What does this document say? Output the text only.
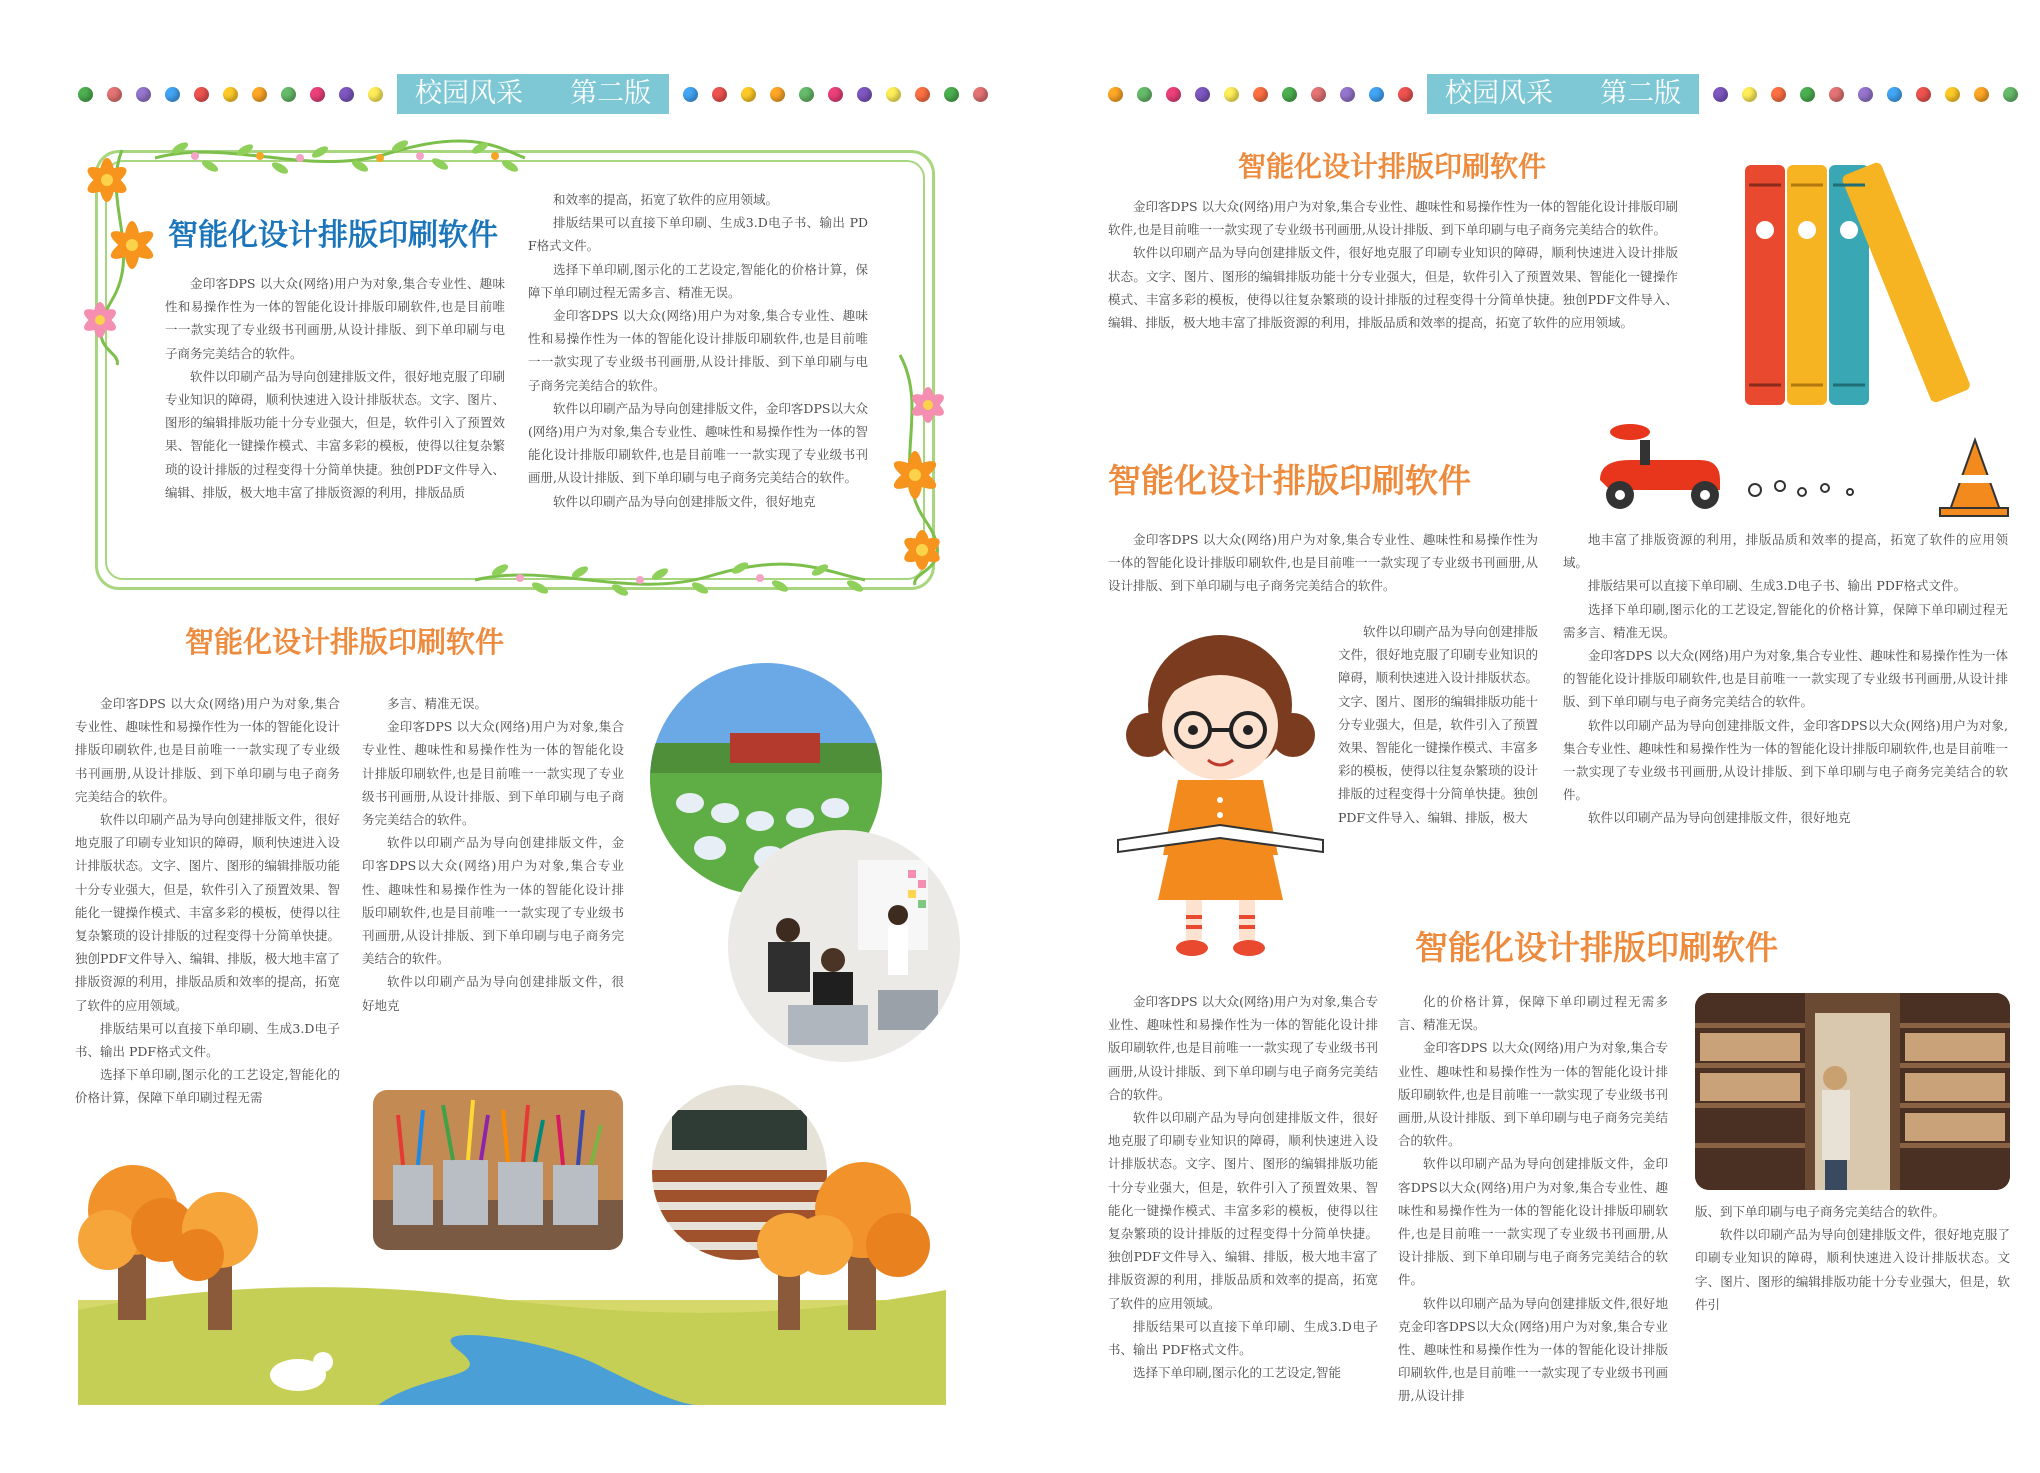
校园风采 第二版
智能化设计排版印刷软件

金印客DPS 以大众(网络)用户为对象,集合专业性、趣味性和易操作性为一体的智能化设计排版印刷软件,也是目前唯一一款实现了专业级书刊画册,从设计排版、到下单印刷与电子商务完美结合的软件。

软件以印刷产品为导向创建排版文件，很好地克服了印刷专业知识的障碍，顺利快速进入设计排版状态。文字、图片、图形的编辑排版功能十分专业强大，但是，软件引入了预置效果、智能化一键操作模式、丰富多彩的模板，使得以往复杂繁琐的设计排版的过程变得十分简单快捷。独创PDF文件导入、编辑、排版，极大地丰富了排版资源的利用，排版品质

和效率的提高，拓宽了软件的应用领域。

排版结果可以直接下单印刷、生成3.D电子书、输出 PDF格式文件。

选择下单印刷,图示化的工艺设定,智能化的价格计算，保障下单印刷过程无需多言、精准无误。

金印客DPS 以大众(网络)用户为对象,集合专业性、趣味性和易操作性为一体的智能化设计排版印刷软件,也是目前唯一一款实现了专业级书刊画册,从设计排版、到下单印刷与电子商务完美结合的软件。

软件以印刷产品为导向创建排版文件，金印客DPS以大众(网络)用户为对象,集合专业性、趣味性和易操作性为一体的智能化设计排版印刷软件,也是目前唯一一款实现了专业级书刊画册,从设计排版、到下单印刷与电子商务完美结合的软件。

软件以印刷产品为导向创建排版文件，很好地克

智能化设计排版印刷软件

金印客DPS 以大众(网络)用户为对象,集合专业性、趣味性和易操作性为一体的智能化设计排版印刷软件,也是目前唯一一款实现了专业级书刊画册,从设计排版、到下单印刷与电子商务完美结合的软件。

软件以印刷产品为导向创建排版文件，很好地克服了印刷专业知识的障碍，顺利快速进入设计排版状态。文字、图片、图形的编辑排版功能十分专业强大，但是，软件引入了预置效果、智能化一键操作模式、丰富多彩的模板，使得以往复杂繁琐的设计排版的过程变得十分简单快捷。独创PDF文件导入、编辑、排版，极大地丰富了排版资源的利用，排版品质和效率的提高，拓宽了软件的应用领域。

排版结果可以直接下单印刷、生成3.D电子书、输出 PDF格式文件。

选择下单印刷,图示化的工艺设定,智能化的价格计算，保障下单印刷过程无需

多言、精准无误。

金印客DPS 以大众(网络)用户为对象,集合专业性、趣味性和易操作性为一体的智能化设计排版印刷软件,也是目前唯一一款实现了专业级书刊画册,从设计排版、到下单印刷与电子商务完美结合的软件。

软件以印刷产品为导向创建排版文件，金印客DPS以大众(网络)用户为对象,集合专业性、趣味性和易操作性为一体的智能化设计排版印刷软件,也是目前唯一一款实现了专业级书刊画册,从设计排版、到下单印刷与电子商务完美结合的软件。

软件以印刷产品为导向创建排版文件，很好地克

校园风采 第二版
智能化设计排版印刷软件

金印客DPS 以大众(网络)用户为对象,集合专业性、趣味性和易操作性为一体的智能化设计排版印刷软件,也是目前唯一一款实现了专业级书刊画册,从设计排版、到下单印刷与电子商务完美结合的软件。

软件以印刷产品为导向创建排版文件，很好地克服了印刷专业知识的障碍，顺利快速进入设计排版状态。文字、图片、图形的编辑排版功能十分专业强大，但是，软件引入了预置效果、智能化一键操作模式、丰富多彩的模板，使得以往复杂繁琐的设计排版的过程变得十分简单快捷。独创PDF文件导入、编辑、排版，极大地丰富了排版资源的利用，排版品质和效率的提高，拓宽了软件的应用领域。

智能化设计排版印刷软件

金印客DPS 以大众(网络)用户为对象,集合专业性、趣味性和易操作性为一体的智能化设计排版印刷软件,也是目前唯一一款实现了专业级书刊画册,从设计排版、到下单印刷与电子商务完美结合的软件。

软件以印刷产品为导向创建排版文件，很好地克服了印刷专业知识的障碍，顺利快速进入设计排版状态。文字、图片、图形的编辑排版功能十分专业强大，但是，软件引入了预置效果、智能化一键操作模式、丰富多彩的模板，使得以往复杂繁琐的设计排版的过程变得十分简单快捷。独创PDF文件导入、编辑、排版，极大

地丰富了排版资源的利用，排版品质和效率的提高，拓宽了软件的应用领域。

排版结果可以直接下单印刷、生成3.D电子书、输出 PDF格式文件。

选择下单印刷,图示化的工艺设定,智能化的价格计算，保障下单印刷过程无需多言、精准无误。

金印客DPS 以大众(网络)用户为对象,集合专业性、趣味性和易操作性为一体的智能化设计排版印刷软件,也是目前唯一一款实现了专业级书刊画册,从设计排版、到下单印刷与电子商务完美结合的软件。

软件以印刷产品为导向创建排版文件，金印客DPS以大众(网络)用户为对象,集合专业性、趣味性和易操作性为一体的智能化设计排版印刷软件,也是目前唯一一款实现了专业级书刊画册,从设计排版、到下单印刷与电子商务完美结合的软件。

软件以印刷产品为导向创建排版文件，很好地克

智能化设计排版印刷软件

金印客DPS 以大众(网络)用户为对象,集合专业性、趣味性和易操作性为一体的智能化设计排版印刷软件,也是目前唯一一款实现了专业级书刊画册,从设计排版、到下单印刷与电子商务完美结合的软件。

软件以印刷产品为导向创建排版文件，很好地克服了印刷专业知识的障碍，顺利快速进入设计排版状态。文字、图片、图形的编辑排版功能十分专业强大，但是，软件引入了预置效果、智能化一键操作模式、丰富多彩的模板，使得以往复杂繁琐的设计排版的过程变得十分简单快捷。独创PDF文件导入、编辑、排版，极大地丰富了排版资源的利用，排版品质和效率的提高，拓宽了软件的应用领域。

排版结果可以直接下单印刷、生成3.D电子书、输出 PDF格式文件。

选择下单印刷,图示化的工艺设定,智能

化的价格计算，保障下单印刷过程无需多言、精准无误。

金印客DPS 以大众(网络)用户为对象,集合专业性、趣味性和易操作性为一体的智能化设计排版印刷软件,也是目前唯一一款实现了专业级书刊画册,从设计排版、到下单印刷与电子商务完美结合的软件。

软件以印刷产品为导向创建排版文件，金印客DPS以大众(网络)用户为对象,集合专业性、趣味性和易操作性为一体的智能化设计排版印刷软件,也是目前唯一一款实现了专业级书刊画册,从设计排版、到下单印刷与电子商务完美结合的软件。

软件以印刷产品为导向创建排版文件,很好地克金印客DPS以大众(网络)用户为对象,集合专业性、趣味性和易操作性为一体的智能化设计排版印刷软件,也是目前唯一一款实现了专业级书刊画册,从设计排

版、到下单印刷与电子商务完美结合的软件。

软件以印刷产品为导向创建排版文件，很好地克服了印刷专业知识的障碍，顺利快速进入设计排版状态。文字、图片、图形的编辑排版功能十分专业强大，但是，软件引
